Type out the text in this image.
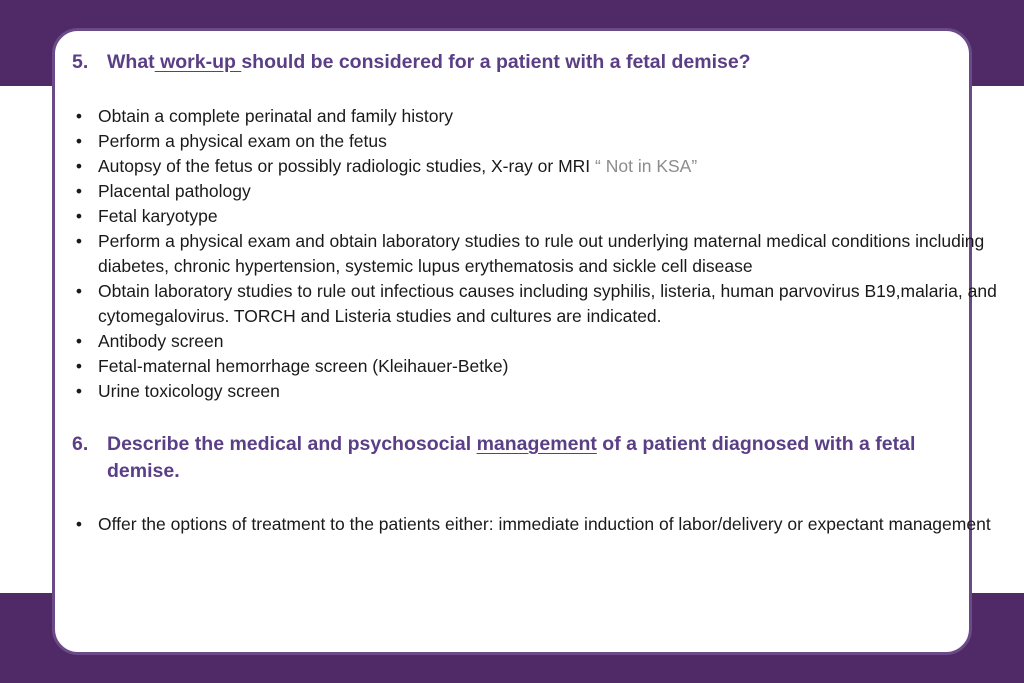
5. What work-up should be considered for a patient with a fetal demise?
• Obtain a complete perinatal and family history
• Perform a physical exam on the fetus
• Autopsy of the fetus or possibly radiologic studies, X-ray or MRI “ Not in KSA”
• Placental pathology
• Fetal karyotype
• Perform a physical exam and obtain laboratory studies to rule out underlying maternal medical conditions including diabetes, chronic hypertension, systemic lupus erythematosis and sickle cell disease
• Obtain laboratory studies to rule out infectious causes including syphilis, listeria, human parvovirus B19,malaria, and cytomegalovirus. TORCH and Listeria studies and cultures are indicated.
• Antibody screen
• Fetal-maternal hemorrhage screen (Kleihauer-Betke)
• Urine toxicology screen
6. Describe the medical and psychosocial management of a patient diagnosed with a fetal demise.
• Offer the options of treatment to the patients either: immediate induction of labor/delivery or expectant management
